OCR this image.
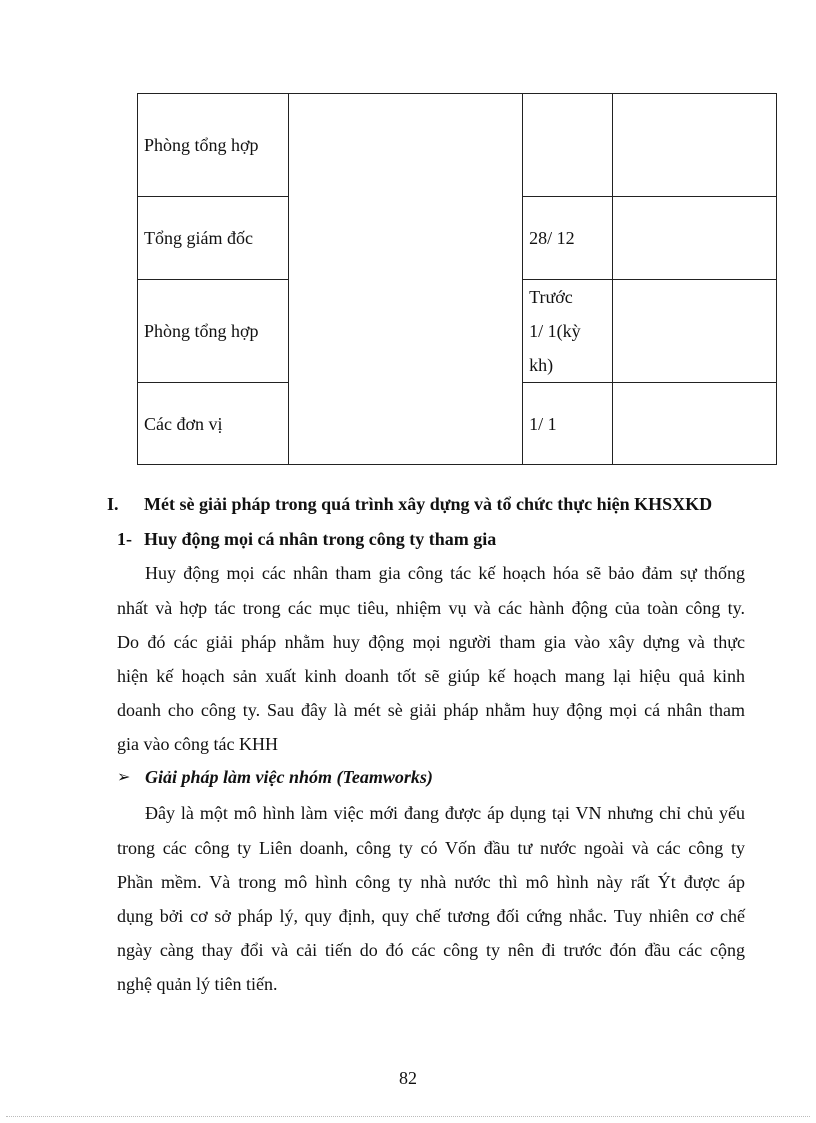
Phòng tổng hợp			
Tổng giám đốc		28/ 12	
Phòng tổng hợp		Trước
1/ 1(kỳ
kh)	

Các đơn vị		1/ 1	
I. Mét sè giải pháp trong quá trình xây dựng và tổ chức thực hiện KHSXKD
1- Huy động mọi cá nhân trong công ty tham gia
Huy động mọi các nhân tham gia công tác kế hoạch hóa sẽ bảo đảm sự thống
nhất và hợp tác trong các mục tiêu, nhiệm vụ và các hành động của toàn công ty.
Do đó các giải pháp nhằm huy động mọi người tham gia vào xây dựng và thực
hiện kế hoạch sản xuất kinh doanh tốt sẽ giúp kế hoạch mang lại hiệu quả kinh
doanh cho công ty. Sau đây là mét sè giải pháp nhằm huy động mọi cá nhân tham
gia vào công tác KHH
➢ Giải pháp làm việc nhóm (Teamworks)
Đây là một mô hình làm việc mới đang được áp dụng tại VN nhưng chỉ chủ yếu
trong các công ty Liên doanh, công ty có Vốn đầu tư nước ngoài và các công ty
Phần mềm. Và trong mô hình công ty nhà nước thì mô hình này rất Ýt được áp
dụng bởi cơ sở pháp lý, quy định, quy chế tương đối cứng nhắc. Tuy nhiên cơ chế
ngày càng thay đổi và cải tiến do đó các công ty nên đi trước đón đầu các cộng
nghệ quản lý tiên tiến.
82
